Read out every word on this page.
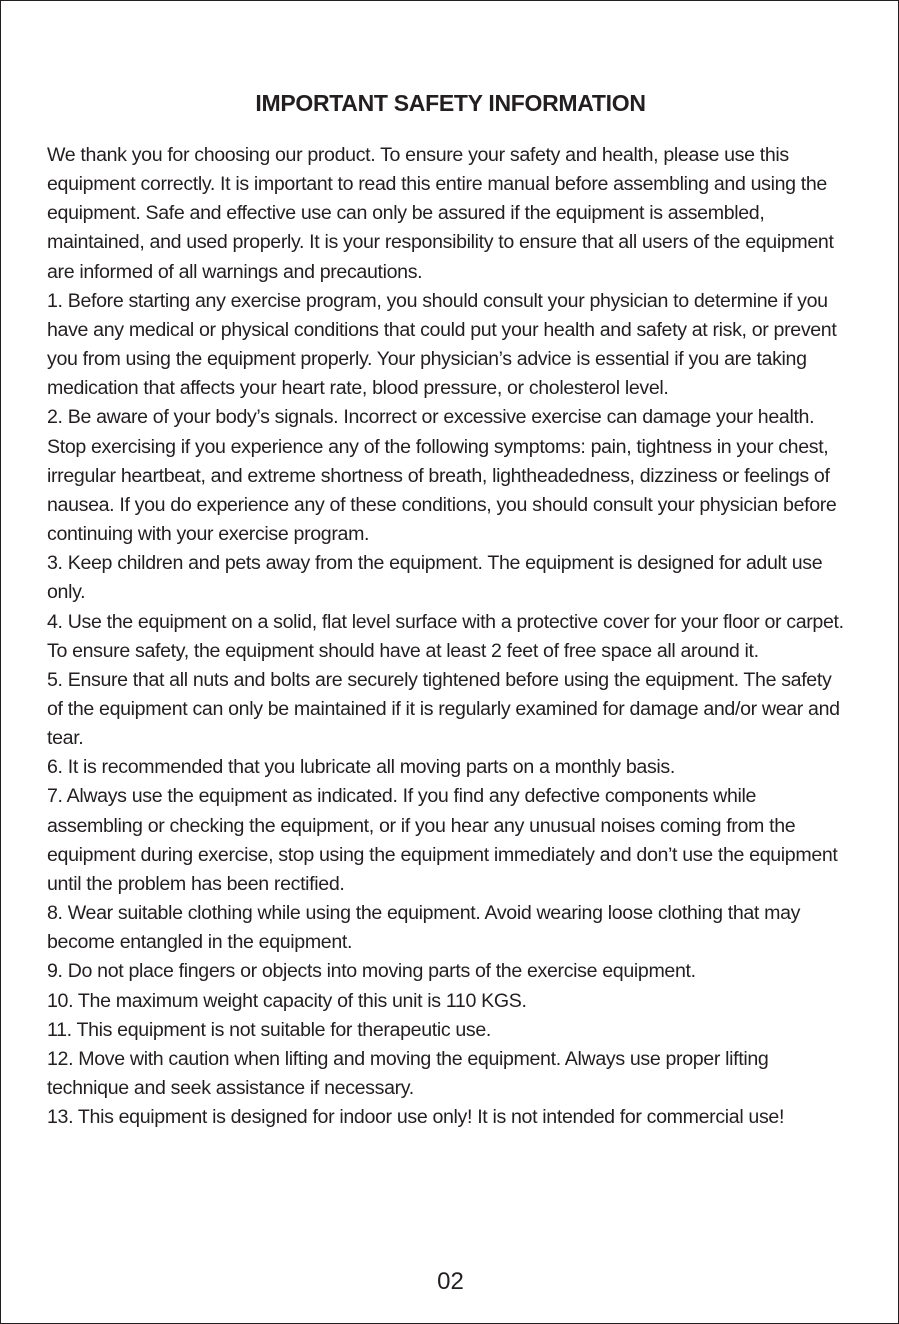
IMPORTANT SAFETY INFORMATION

We thank you for choosing our product. To ensure your safety and health, please use this equipment correctly. It is important to read this entire manual before assembling and using the equipment. Safe and effective use can only be assured if the equipment is assembled, maintained, and used properly. It is your responsibility to ensure that all users of the equipment are informed of all warnings and precautions.

1. Before starting any exercise program, you should consult your physician to determine if you have any medical or physical conditions that could put your health and safety at risk, or prevent you from using the equipment properly. Your physician’s advice is essential if you are taking medication that affects your heart rate, blood pressure, or cholesterol level.

2. Be aware of your body’s signals. Incorrect or excessive exercise can damage your health. Stop exercising if you experience any of the following symptoms: pain, tightness in your chest, irregular heartbeat, and extreme shortness of breath, lightheadedness, dizziness or feelings of nausea. If you do experience any of these conditions, you should consult your physician before continuing with your exercise program.

3. Keep children and pets away from the equipment. The equipment is designed for adult use only.

4. Use the equipment on a solid, flat level surface with a protective cover for your floor or carpet. To ensure safety, the equipment should have at least 2 feet of free space all around it.

5. Ensure that all nuts and bolts are securely tightened before using the equipment. The safety of the equipment can only be maintained if it is regularly examined for damage and/or wear and tear.

6. It is recommended that you lubricate all moving parts on a monthly basis.

7. Always use the equipment as indicated. If you find any defective components while assembling or checking the equipment, or if you hear any unusual noises coming from the equipment during exercise, stop using the equipment immediately and don’t use the equipment until the problem has been rectified.

8. Wear suitable clothing while using the equipment. Avoid wearing loose clothing that may become entangled in the equipment.

9. Do not place fingers or objects into moving parts of the exercise equipment.

10. The maximum weight capacity of this unit is 110 KGS.

11. This equipment is not suitable for therapeutic use.

12. Move with caution when lifting and moving the equipment. Always use proper lifting technique and seek assistance if necessary.

13. This equipment is designed for indoor use only! It is not intended for commercial use!

02
